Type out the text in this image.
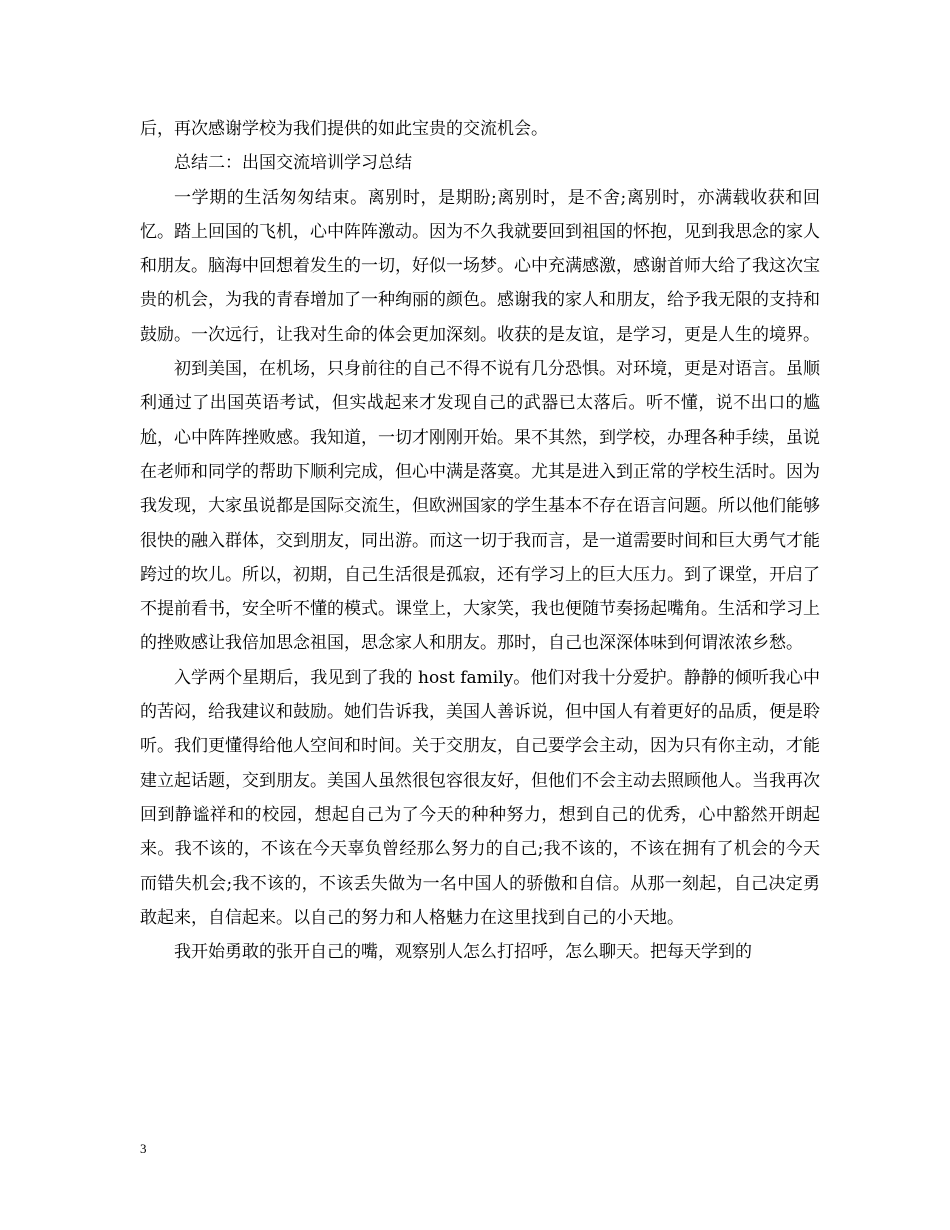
后，再次感谢学校为我们提供的如此宝贵的交流机会。

总结二：出国交流培训学习总结

一学期的生活匆匆结束。离别时，是期盼;离别时，是不舍;离别时，亦满载收获和回忆。踏上回国的飞机，心中阵阵激动。因为不久我就要回到祖国的怀抱，见到我思念的家人和朋友。脑海中回想着发生的一切，好似一场梦。心中充满感激，感谢首师大给了我这次宝贵的机会，为我的青春增加了一种绚丽的颜色。感谢我的家人和朋友，给予我无限的支持和鼓励。一次远行，让我对生命的体会更加深刻。收获的是友谊，是学习，更是人生的境界。

初到美国，在机场，只身前往的自己不得不说有几分恐惧。对环境，更是对语言。虽顺利通过了出国英语考试，但实战起来才发现自己的武器已太落后。听不懂，说不出口的尴尬，心中阵阵挫败感。我知道，一切才刚刚开始。果不其然，到学校，办理各种手续，虽说在老师和同学的帮助下顺利完成，但心中满是落寞。尤其是进入到正常的学校生活时。因为我发现，大家虽说都是国际交流生，但欧洲国家的学生基本不存在语言问题。所以他们能够很快的融入群体，交到朋友，同出游。而这一切于我而言，是一道需要时间和巨大勇气才能跨过的坎儿。所以，初期，自己生活很是孤寂，还有学习上的巨大压力。到了课堂，开启了不提前看书，安全听不懂的模式。课堂上，大家笑，我也便随节奏扬起嘴角。生活和学习上的挫败感让我倍加思念祖国，思念家人和朋友。那时，自己也深深体味到何谓浓浓乡愁。

入学两个星期后，我见到了我的 host family。他们对我十分爱护。静静的倾听我心中的苦闷，给我建议和鼓励。她们告诉我，美国人善诉说，但中国人有着更好的品质，便是聆听。我们更懂得给他人空间和时间。关于交朋友，自己要学会主动，因为只有你主动，才能建立起话题，交到朋友。美国人虽然很包容很友好，但他们不会主动去照顾他人。当我再次回到静谧祥和的校园，想起自己为了今天的种种努力，想到自己的优秀，心中豁然开朗起来。我不该的，不该在今天辜负曾经那么努力的自己;我不该的，不该在拥有了机会的今天而错失机会;我不该的，不该丢失做为一名中国人的骄傲和自信。从那一刻起，自己决定勇敢起来，自信起来。以自己的努力和人格魅力在这里找到自己的小天地。

我开始勇敢的张开自己的嘴，观察别人怎么打招呼，怎么聊天。把每天学到的

3
